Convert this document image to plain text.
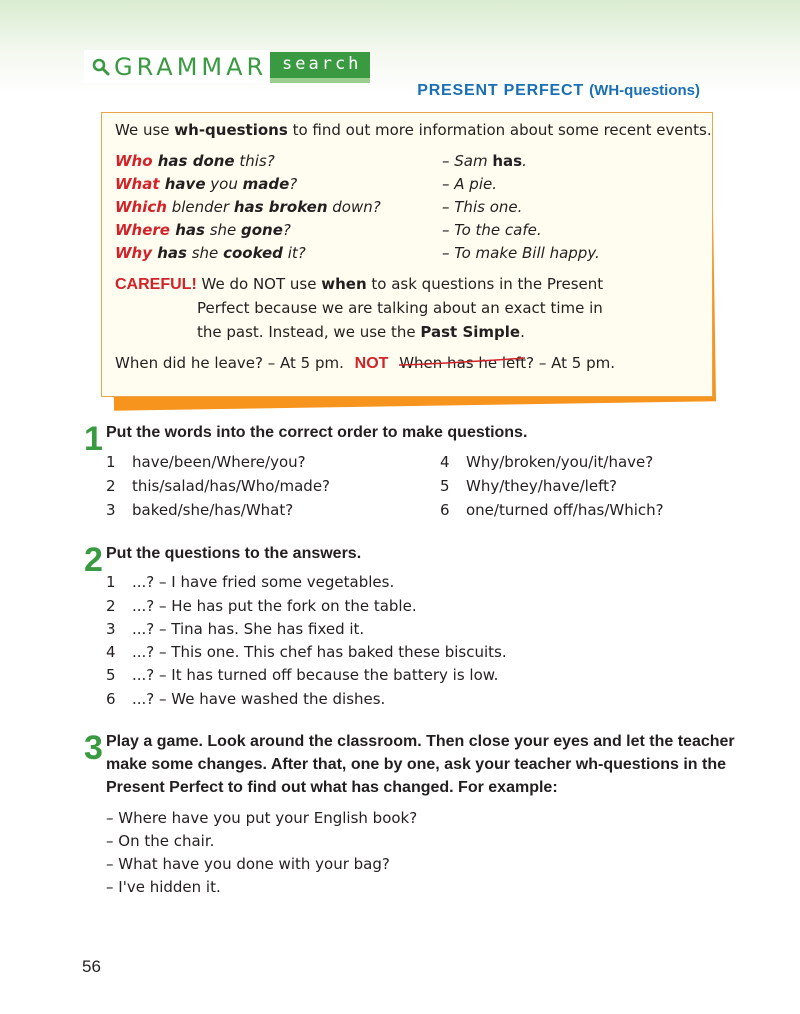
GRAMMAR search
PRESENT PERFECT (WH-questions)
We use wh-questions to find out more information about some recent events.
Who has done this?	– Sam has.
What have you made?	– A pie.
Which blender has broken down?	– This one.
Where has she gone?	– To the cafe.
Why has she cooked it?	– To make Bill happy.
CAREFUL! We do NOT use when to ask questions in the Present
Perfect because we are talking about an exact time in
the past. Instead, we use the Past Simple.
When did he leave? – At 5 pm. NOT When has he left
? – At 5 pm.
1 Put the words into the correct order to make questions.
1 have/been/Where/you?
2 this/salad/has/Who/made?
3 baked/she/has/What?
4 Why/broken/you/it/have?
5 Why/they/have/left?
6 one/turned off/has/Which?
2 Put the questions to the answers.
1 ...? – I have fried some vegetables.
2 ...? – He has put the fork on the table.
3 ...? – Tina has. She has fixed it.
4 ...? – This one. This chef has baked these biscuits.
5 ...? – It has turned off because the battery is low.
6 ...? – We have washed the dishes.
3 Play a game. Look around the classroom. Then close your eyes and let the teacher
make some changes. After that, one by one, ask your teacher wh-questions in the
Present Perfect to find out what has changed. For example:
– Where have you put your English book?
– On the chair.
– What have you done with your bag?
– I've hidden it.
56
